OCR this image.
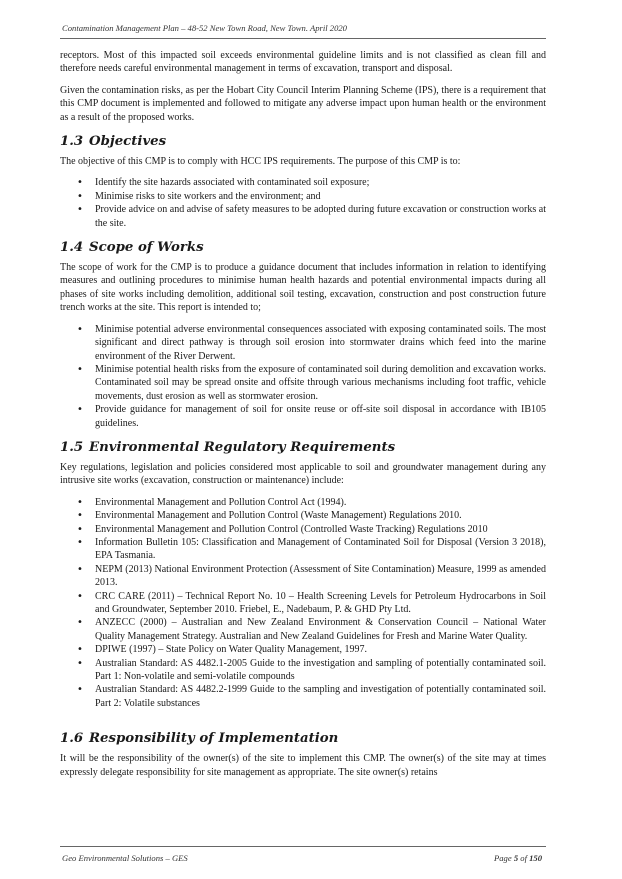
Contamination Management Plan – 48-52 New Town Road, New Town. April 2020

receptors. Most of this impacted soil exceeds environmental guideline limits and is not classified as clean fill and therefore needs careful environmental management in terms of excavation, transport and disposal.

Given the contamination risks, as per the Hobart City Council Interim Planning Scheme (IPS), there is a requirement that this CMP document is implemented and followed to mitigate any adverse impact upon human health or the environment as a result of the proposed works.

1.3 Objectives

The objective of this CMP is to comply with HCC IPS requirements. The purpose of this CMP is to:

• Identify the site hazards associated with contaminated soil exposure;
• Minimise risks to site workers and the environment; and
• Provide advice on and advise of safety measures to be adopted during future excavation or construction works at the site.
1.4 Scope of Works

The scope of work for the CMP is to produce a guidance document that includes information in relation to identifying measures and outlining procedures to minimise human health hazards and potential environmental impacts during all phases of site works including demolition, additional soil testing, excavation, construction and post construction future trench works at the site. This report is intended to;

• Minimise potential adverse environmental consequences associated with exposing contaminated soils. The most significant and direct pathway is through soil erosion into stormwater drains which feed into the marine environment of the River Derwent.
• Minimise potential health risks from the exposure of contaminated soil during demolition and excavation works. Contaminated soil may be spread onsite and offsite through various mechanisms including foot traffic, vehicle movements, dust erosion as well as stormwater erosion.
• Provide guidance for management of soil for onsite reuse or off-site soil disposal in accordance with IB105 guidelines.
1.5 Environmental Regulatory Requirements

Key regulations, legislation and policies considered most applicable to soil and groundwater management during any intrusive site works (excavation, construction or maintenance) include:

• Environmental Management and Pollution Control Act (1994).
• Environmental Management and Pollution Control (Waste Management) Regulations 2010.
• Environmental Management and Pollution Control (Controlled Waste Tracking) Regulations 2010
• Information Bulletin 105: Classification and Management of Contaminated Soil for Disposal (Version 3 2018), EPA Tasmania.
• NEPM (2013) National Environment Protection (Assessment of Site Contamination) Measure, 1999 as amended 2013.
• CRC CARE (2011) – Technical Report No. 10 – Health Screening Levels for Petroleum Hydrocarbons in Soil and Groundwater, September 2010. Friebel, E., Nadebaum, P. & GHD Pty Ltd.
• ANZECC (2000) – Australian and New Zealand Environment & Conservation Council – National Water Quality Management Strategy. Australian and New Zealand Guidelines for Fresh and Marine Water Quality.
• DPIWE (1997) – State Policy on Water Quality Management, 1997.
• Australian Standard: AS 4482.1-2005 Guide to the investigation and sampling of potentially contaminated soil. Part 1: Non-volatile and semi-volatile compounds
• Australian Standard: AS 4482.2-1999 Guide to the sampling and investigation of potentially contaminated soil. Part 2: Volatile substances
1.6 Responsibility of Implementation

It will be the responsibility of the owner(s) of the site to implement this CMP. The owner(s) of the site may at times expressly delegate responsibility for site management as appropriate. The site owner(s) retains

Geo Environmental Solutions – GES	Page 5 of 150
